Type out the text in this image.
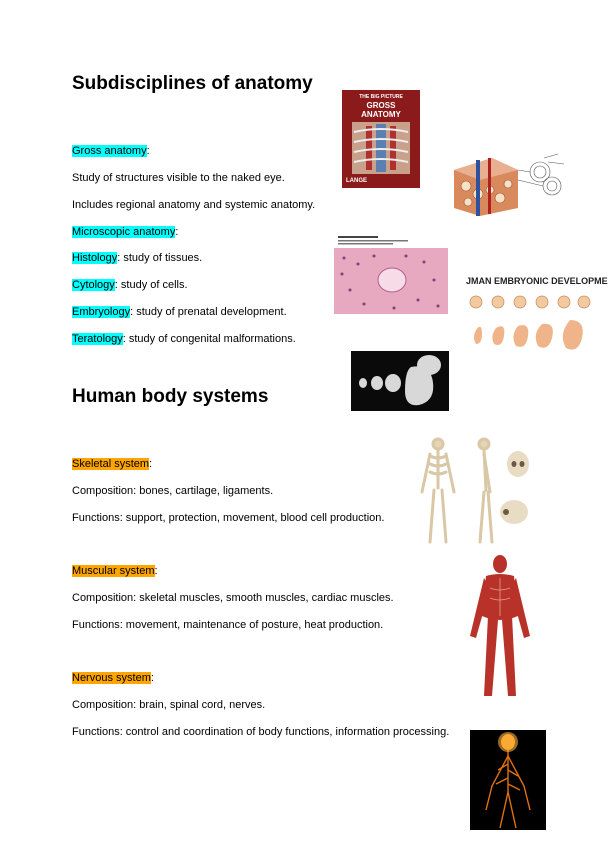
Subdisciplines of anatomy
Gross anatomy:
Study of structures visible to the naked eye.
Includes regional anatomy and systemic anatomy.
Microscopic anatomy:
Histology: study of tissues.
Cytology: study of cells.
Embryology: study of prenatal development.
Teratology: study of congenital malformations.
Human body systems
Skeletal system:
Composition: bones, cartilage, ligaments.
Functions: support, protection, movement, blood cell production.
Muscular system:
Composition: skeletal muscles, smooth muscles, cardiac muscles.
Functions: movement, maintenance of posture, heat production.
Nervous system:
Composition: brain, spinal cord, nerves.
Functions: control and coordination of body functions, information processing.
THE BIG PICTURE
GROSS
ANATOMY
LANGE
JMAN EMBRYONIC DEVELOPME
